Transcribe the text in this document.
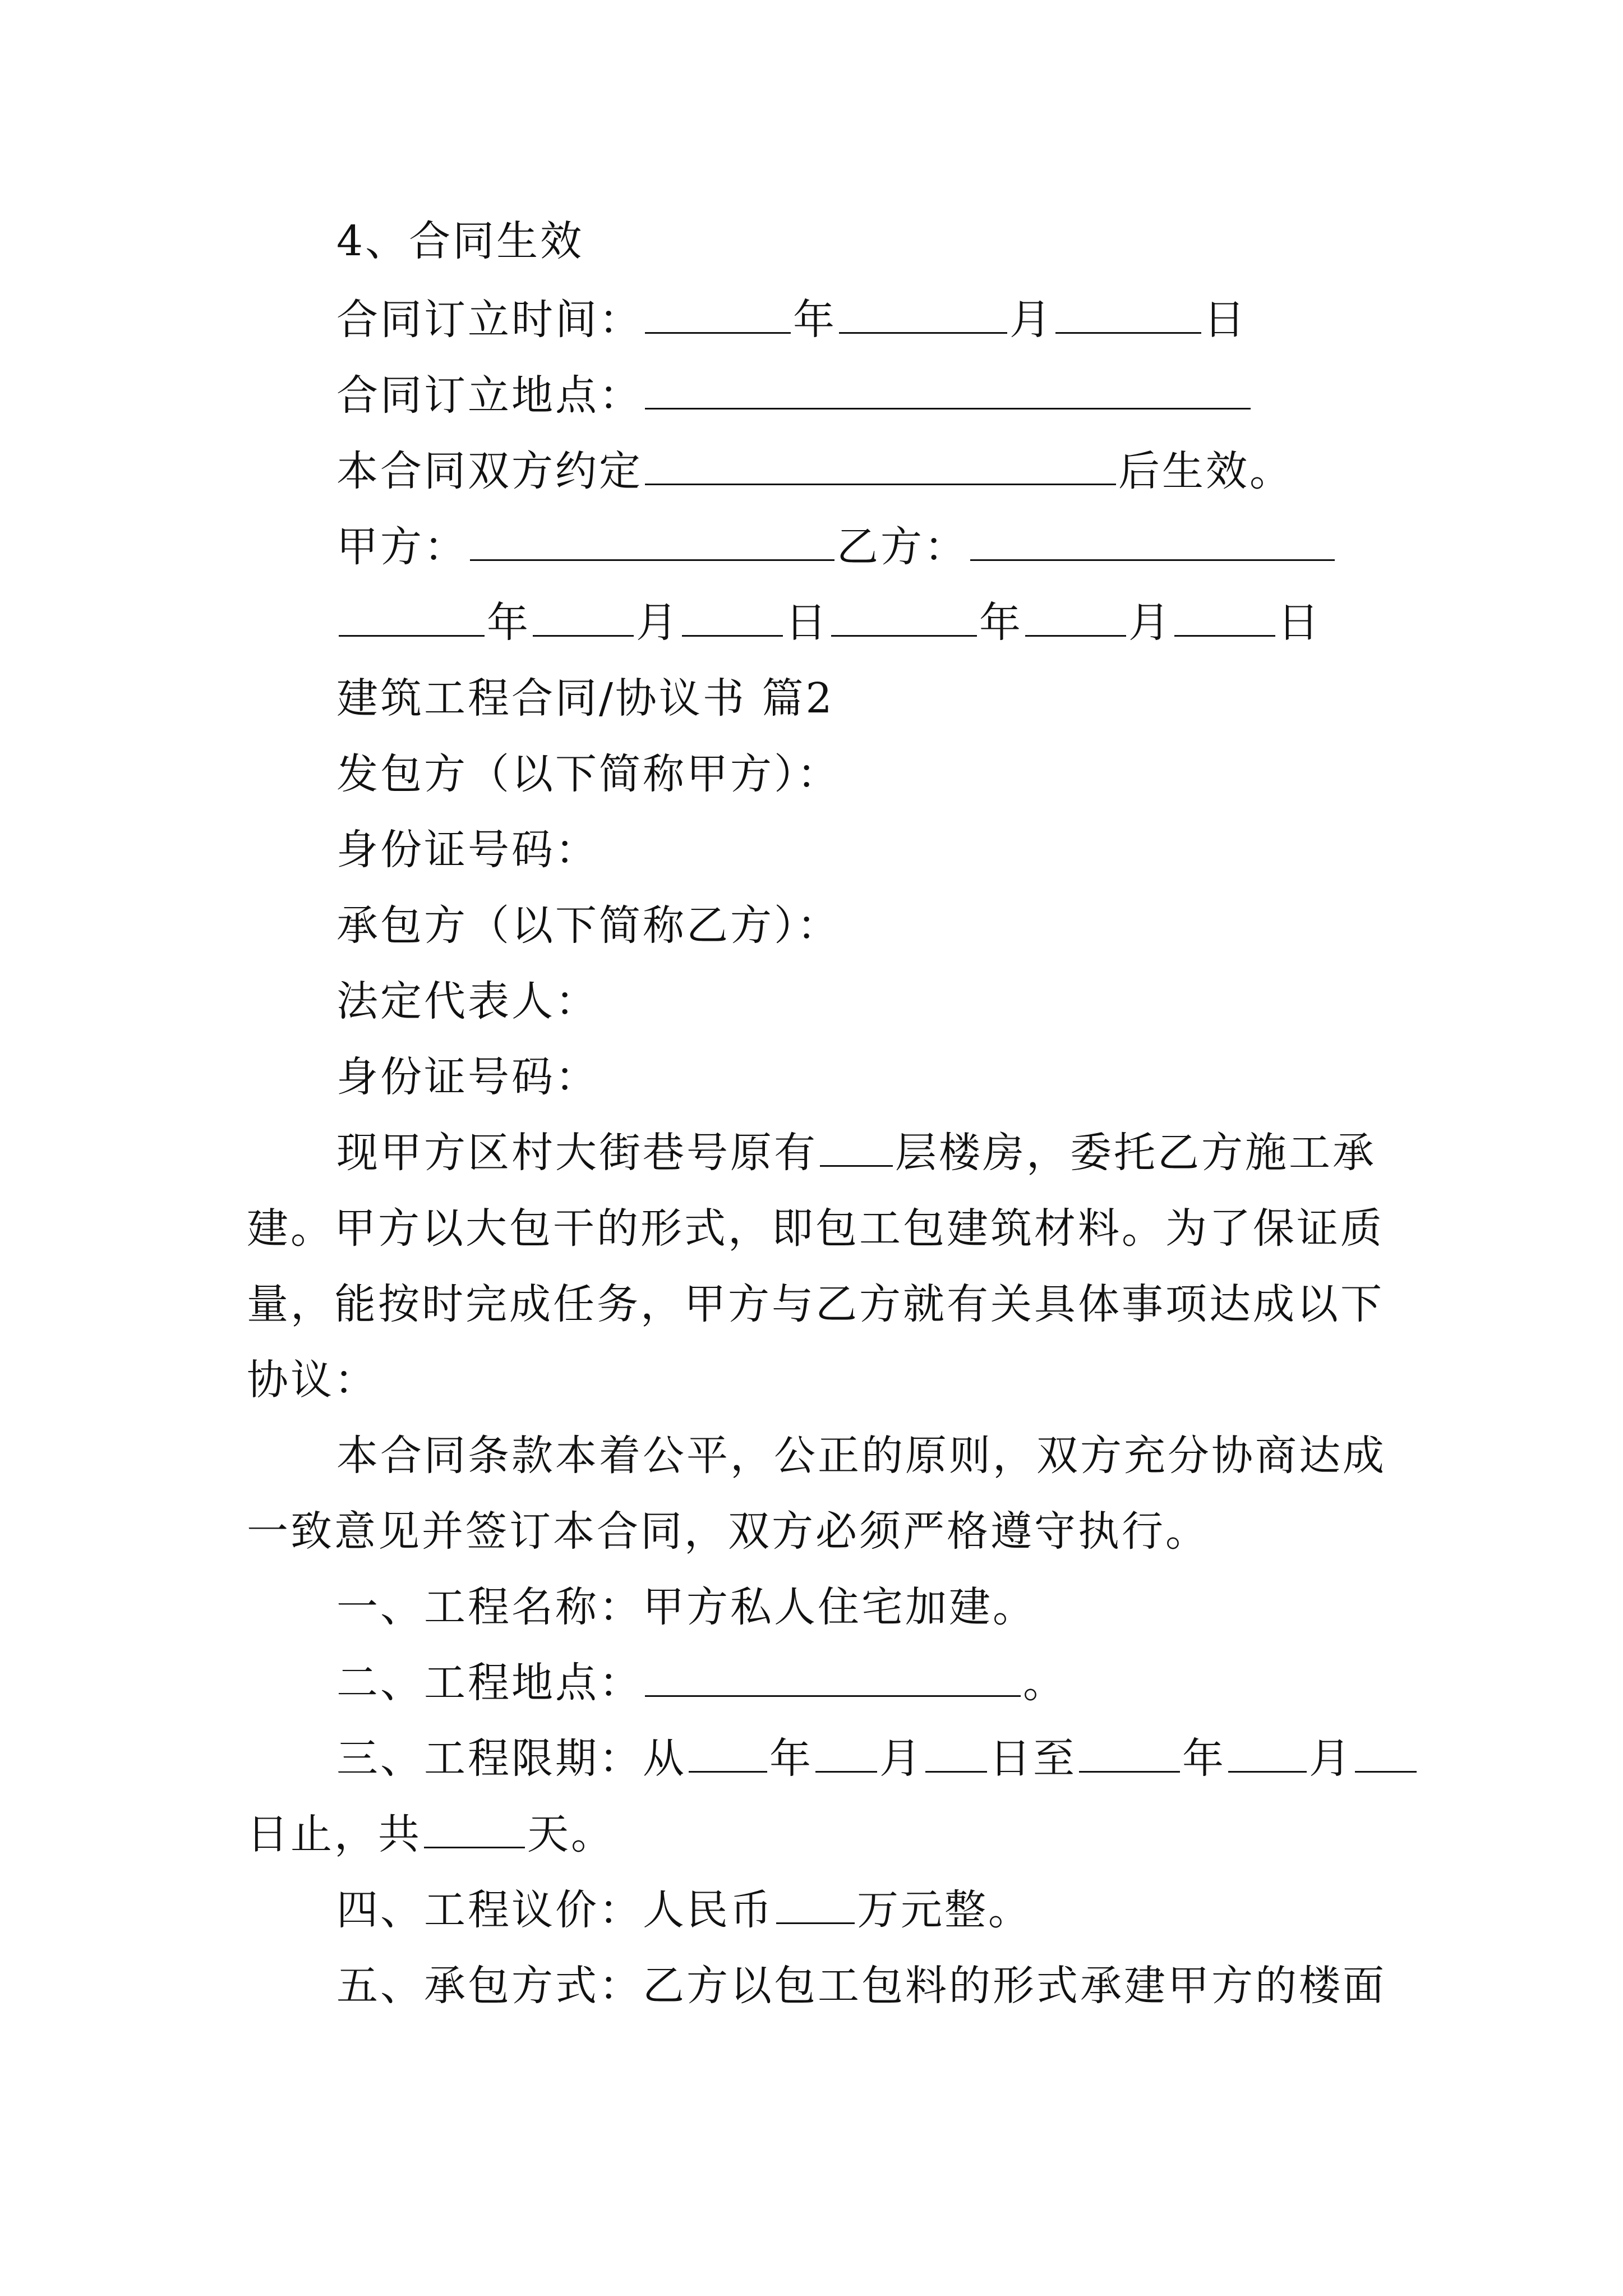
4、合同生效
合同订立时间：	年	月	日
合同订立地点：
本合同双方约定	后生效。
甲方：	乙方：
年	月	日	年	月	日
建筑工程合同/协议书 篇2
发包方（以下简称甲方）：
身份证号码：
承包方（以下简称乙方）：
法定代表人：
身份证号码：
现甲方区村大街巷号原有 层楼房，委托乙方施工承
建。甲方以大包干的形式，即包工包建筑材料。为了保证质
量，能按时完成任务，甲方与乙方就有关具体事项达成以下
协议：
本合同条款本着公平，公正的原则，双方充分协商达成
一致意见并签订本合同，双方必须严格遵守执行。
一、工程名称：甲方私人住宅加建。
二、工程地点：	。
三、工程限期：从 年 月 日至	年 月
日止，共	天。
四、工程议价：人民币 万元整。
五、承包方式：乙方以包工包料的形式承建甲方的楼面
